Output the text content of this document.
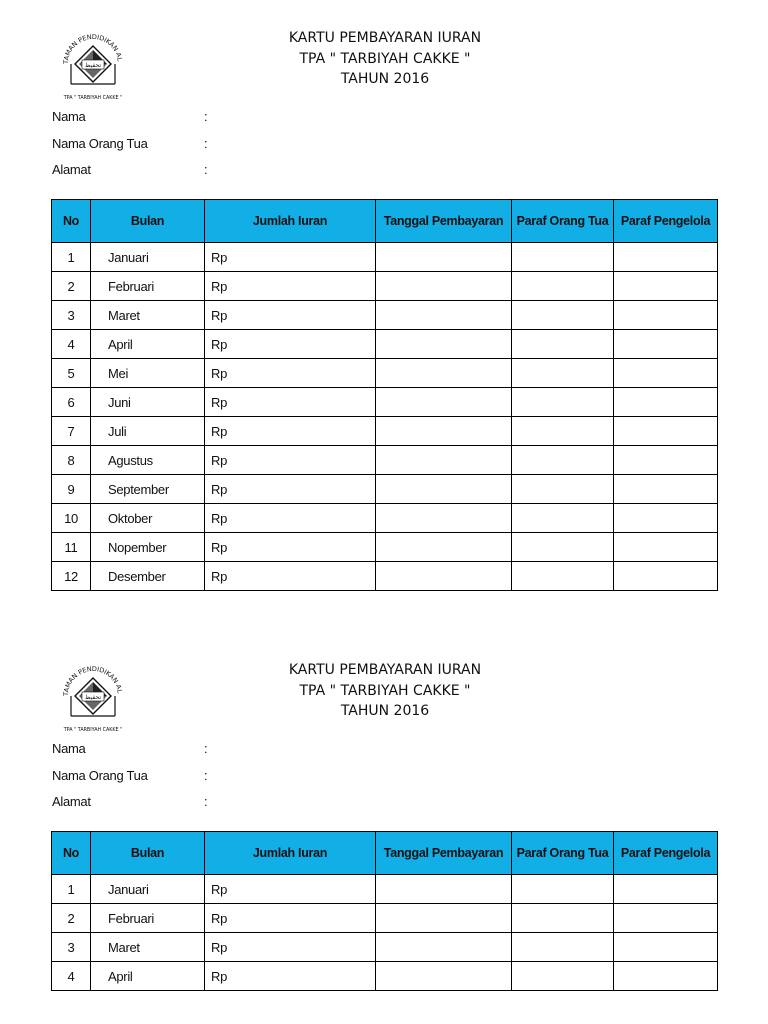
TAMAN PENDIDIKAN AL
تحفيظ
TPA " TARBIYAH CAKKE "
KARTU PEMBAYARAN IURAN
TPA " TARBIYAH CAKKE "
TAHUN 2016
Nama	:
Nama Orang Tua	:
Alamat	:
No	Bulan	Jumlah Iuran	Tanggal Pembayaran	Paraf Orang Tua	Paraf Pengelola
1	Januari	Rp			
2	Februari	Rp			
3	Maret	Rp			
4	April	Rp			
5	Mei	Rp			
6	Juni	Rp			
7	Juli	Rp			
8	Agustus	Rp			
9	September	Rp			
10	Oktober	Rp			
11	Nopember	Rp			
12	Desember	Rp			
TAMAN PENDIDIKAN AL
تحفيظ
TPA " TARBIYAH CAKKE "
KARTU PEMBAYARAN IURAN
TPA " TARBIYAH CAKKE "
TAHUN 2016
Nama	:
Nama Orang Tua	:
Alamat	:
No	Bulan	Jumlah Iuran	Tanggal Pembayaran	Paraf Orang Tua	Paraf Pengelola
1	Januari	Rp			
2	Februari	Rp			
3	Maret	Rp			
4	April	Rp			
